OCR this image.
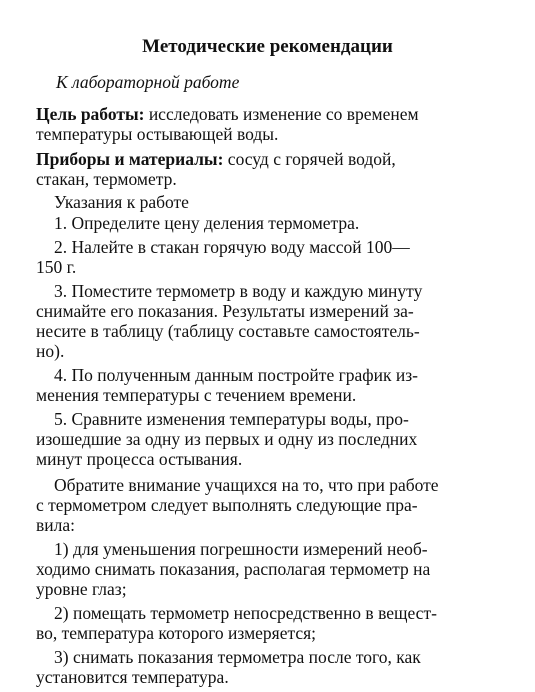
Методические рекомендации
К лабораторной работе
Цель работы: исследовать изменение со временем
температуры остывающей воды.
Приборы и материалы: сосуд с горячей водой,
стакан, термометр.
Указания к работе
1. Определите цену деления термометра.
2. Налейте в стакан горячую воду массой 100—
150 г.
3. Поместите термометр в воду и каждую минуту
снимайте его показания. Результаты измерений за-
несите в таблицу (таблицу составьте самостоятель-
но).
4. По полученным данным постройте график из-
менения температуры с течением времени.
5. Сравните изменения температуры воды, про-
изошедшие за одну из первых и одну из последних
минут процесса остывания.
Обратите внимание учащихся на то, что при работе
с термометром следует выполнять следующие пра-
вила:
1) для уменьшения погрешности измерений необ-
ходимо снимать показания, располагая термометр на
уровне глаз;
2) помещать термометр непосредственно в вещест-
во, температура которого измеряется;
3) снимать показания термометра после того, как
установится температура.
